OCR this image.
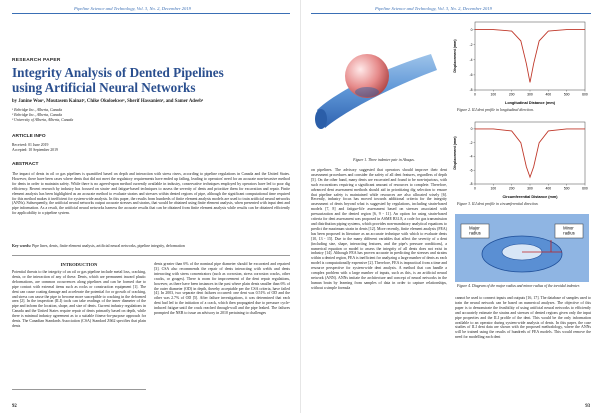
Pipeline Science and Technology, Vol. 3, No. 2, December 2019
RESEARCH PAPER
Integrity Analysis of Dented Pipelines using Artificial Neural Networks
by Janine Woo¹, Moutasem Kainat², Chike Okoloekwe¹, Sherif Hassanien², and Samer Adeeb¹
¹ Enbridge Inc., Alberta, Canada
² Enbridge Inc., Alberta, Canada
³ University of Alberta, Alberta, Canada
ARTICLE INFO
Received: 01 June 2019
Accepted: 10 September 2019
ABSTRACT
The impact of dents in oil or gas pipelines is quantified based on depth and interaction with stress risers, according to pipeline regulations in Canada and the United States. However, there have been cases where dents that did not meet the regulatory requirements have ended up failing, leading to operators' need for an accurate non-invasive method for dents in order to maintain safety. While there is no agreed-upon method currently available in industry, conservative techniques employed by operators have led to poor dig efficiency. Recent research by industry has focused on strain- and fatigue-based techniques to assess the severity of dents and prioritize them for excavation and repair. Finite element analysis has been highlighted as an accurate method to evaluate strains and stresses within dented regions of pipe, although the significant computational time required for this method makes it inefficient for system-wide analysis. In this paper, the results from hundreds of finite element analysis models are used to train artificial neural networks (ANNs). Subsequently, the artificial neural networks output accurate stresses and strains, that would be obtained using finite element analysis, when presented with input dent and pipe information. As a result, the artificial neural networks harness the accurate results that can be obtained from finite element analysis while results can be obtained efficiently for applicability to a pipeline system.
Key words: Pipe lines, dents, finite element analysis, artificial neural networks, pipeline integrity, deformation
INTRODUCTION
Potential threats to the integrity of an oil or gas pipeline include metal loss, cracking, dents, or the interaction of any of these. Dents, which are permanent inward plastic deformations, are common occurrences along pipelines and can be formed due to pipe contact with external items such as rocks or construction equipment [1]. The dent can cause coating damage and accelerate the potential for or growth of cracking, and stress can cause the pipe to become more susceptible to cracking in the deformed area [2]. In the inspection (ILI) tools can take readings of the inner diameter of the pipe and inform the location, shape, and size of dents. Current industry regulations in Canada and the United States require repair of dents primarily based on depth, while there is minimal industry agreement as to a suitable fitness-for-purpose approach for dents. The Canadian Standards Association (CSA) Standard Z662 specifies that plain dents
dents greater than 6% of the nominal pipe diameter should be excavated and repaired [3]. CSA also recommends the repair of dents interacting with welds and dents interacting with stress concentrators (such as corrosion, stress corrosion cracks, other cracks, or gouges). There is room for improvement of the dent repair regulations, however, as there have been instances in the past where plain dents smaller than 6% of the outer diameter (OD) in depth, thereby acceptable per the CSA criteria, have failed [4]. In 2003, two separate dent failures occurred: one dent was 0.51% of OD and the other was 2.7% of OD [5]. After failure investigations, it was determined that each dent had led to the initiation of a crack, which then propagated due to pressure cycle-induced fatigue until the crack reached through-wall and the pipe leaked. The failures prompted the NEB to issue an advisory in 2010 pertaining to challenges
92
Pipeline Science and Technology, Vol. 3, No. 2, December 2019
Figure 1. Three indenter pair in Abaqus.
0	100	200	300	400	500	600
0
-2
-4
-6
-8
Longitudinal Distance (mm)
Displacement (mm)
Figure 2. ILI dent profile in longitudinal direction.
0	100	200	300	400	500	600
0
-2
-4
-6
-8
Circumferential Distance (mm)
Displacement (mm)
Figure 3. ILI dent profile in circumferential direction.
on pipelines. The advisory suggested that operators should improve their dent assessment procedures and consider the safety of all dent features, regardless of depth [5]. On the other hand, many dents are excavated and found to be non-injurious, with such excavations requiring a significant amount of resources to complete. Therefore, advanced dent assessment methods should aid in prioritizing dig selection to ensure that pipeline safety is maintained while resources are also allocated wisely [6]. Recently, industry focus has moved towards additional criteria for the integrity assessment of dents beyond what is suggested by regulations, including strain-based models [7, 8] and fatigue-life assessment based on stresses associated with pressurization and the dented region [6, 9 - 11]. An option for using strain-based criteria for dent assessment was proposed in ASME B31.8, a code for gas transmission and distribution piping systems, which provides non-mandatory analytical equations to predict the maximum strain in dents [12]. More recently, finite element analysis (FEA) has been proposed in literature as an accurate technique with which to evaluate dents [10, 13 - 15]. Due to the many different variables that affect the severity of a dent (including size, shape, interacting features, and the pipe's pressure conditions), a numerical equation or model to assess the integrity of all dents does not exist in industry [14]. Although FEA has proven accurate in predicting the stresses and strains within a dented region, FEA is inefficient for analyzing a large number of dents as each model is computationally expensive [2]. Therefore, FEA is impractical from a time and resource perspective for system-wide dent analysis. A method that can handle a complex problem with a large number of inputs, such as this, is an artificial neural network (ANN). ANNs imitate the architecture and concept of neural networks in the human brain by learning from samples of data in order to capture relationships, without a simple formula
Major radius
Minor radius
Figure 4. Diagram of the major radius and minor radius of the toroidal indenter.
cannot be used to connect inputs and outputs [16, 17]. The database of samples used to train the neural network can be based on numerical analyses. The objective of this paper is to demonstrate the feasibility of using artificial neural networks to efficiently and accurately estimate the strains and stresses of dented regions given only the input pipe properties and the ILI profile of the dent. This would be the only information available to an operator during system-wide analysis of dents. In this paper, the case studies of ILI dent data are shown with the proposed methodology, where the ANNs will be trained using the results of hundreds of FEA models. This would remove the need for modelling each dent
93
